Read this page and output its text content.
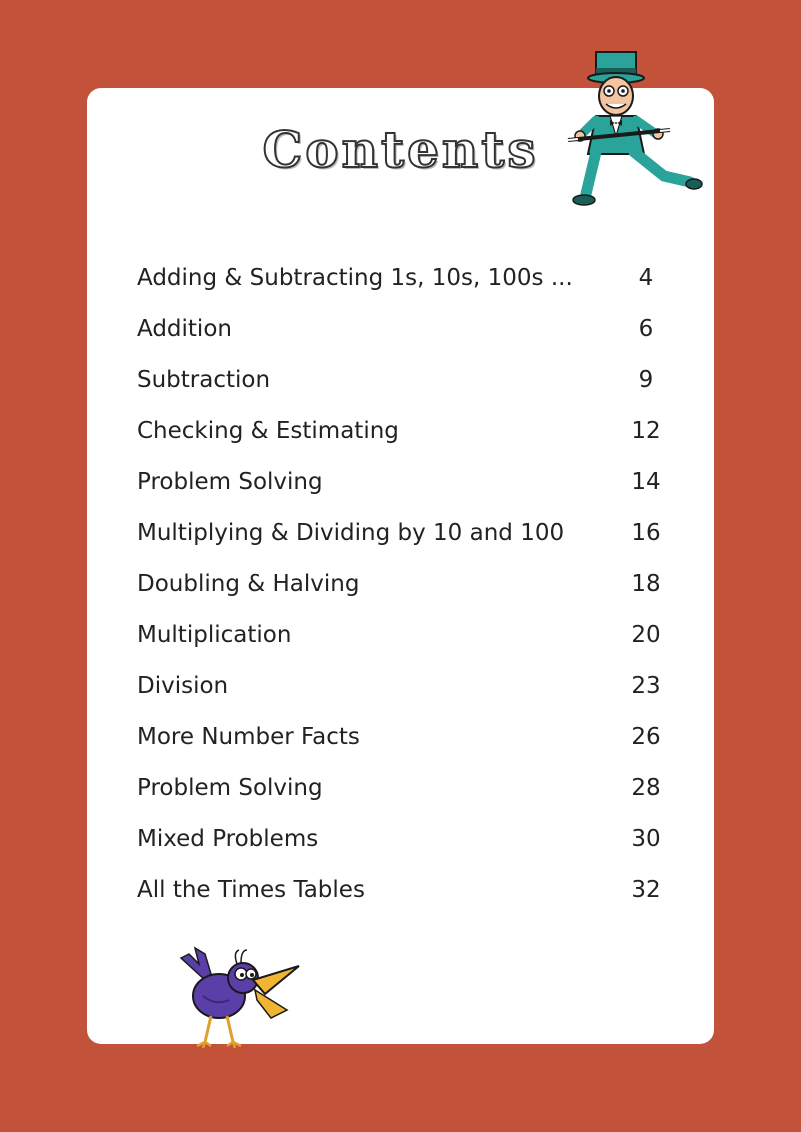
Contents
Adding & Subtracting 1s, 10s, 100s ...	4
Addition	6
Subtraction	9
Checking & Estimating	12
Problem Solving	14
Multiplying & Dividing by 10 and 100	16
Doubling & Halving	18
Multiplication	20
Division	23
More Number Facts	26
Problem Solving	28
Mixed Problems	30
All the Times Tables	32
